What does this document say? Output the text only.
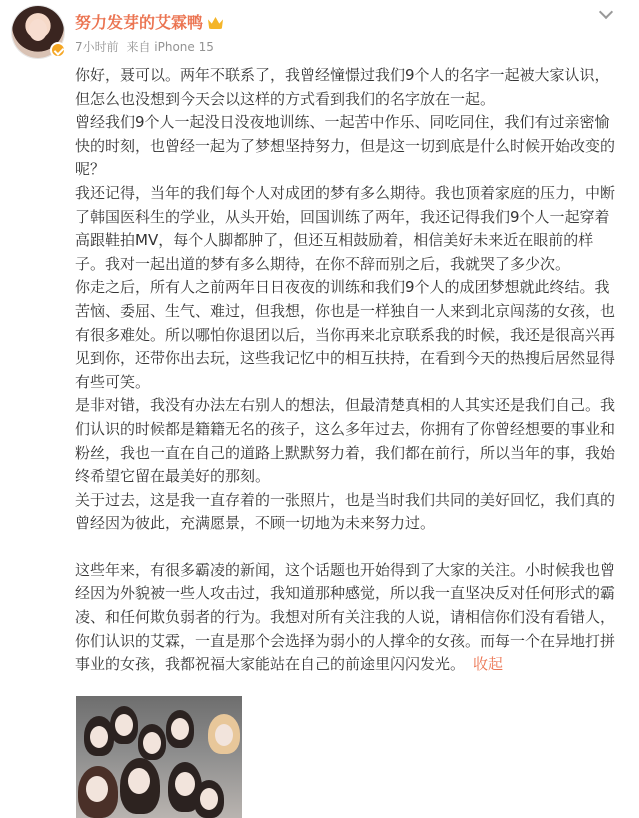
努力发芽的艾霖鸭
7小时前 来自 iPhone 15

你好，聂可以。两年不联系了，我曾经憧憬过我们9个人的名字一起被大家认识，但怎么也没想到今天会以这样的方式看到我们的名字放在一起。

曾经我们9个人一起没日没夜地训练、一起苦中作乐、同吃同住，我们有过亲密愉快的时刻，也曾经一起为了梦想坚持努力，但是这一切到底是什么时候开始改变的呢？

我还记得，当年的我们每个人对成团的梦有多么期待。我也顶着家庭的压力，中断了韩国医科生的学业，从头开始，回国训练了两年，我还记得我们9个人一起穿着高跟鞋拍MV，每个人脚都肿了，但还互相鼓励着，相信美好未来近在眼前的样子。我对一起出道的梦有多么期待，在你不辞而别之后，我就哭了多少次。

你走之后，所有人之前两年日日夜夜的训练和我们9个人的成团梦想就此终结。我苦恼、委屈、生气、难过，但我想，你也是一样独自一人来到北京闯荡的女孩，也有很多难处。所以哪怕你退团以后，当你再来北京联系我的时候，我还是很高兴再见到你，还带你出去玩，这些我记忆中的相互扶持，在看到今天的热搜后居然显得有些可笑。

是非对错，我没有办法左右别人的想法，但最清楚真相的人其实还是我们自己。我们认识的时候都是籍籍无名的孩子，这么多年过去，你拥有了你曾经想要的事业和粉丝，我也一直在自己的道路上默默努力着，我们都在前行，所以当年的事，我始终希望它留在最美好的那刻。

关于过去，这是我一直存着的一张照片，也是当时我们共同的美好回忆，我们真的曾经因为彼此，充满愿景，不顾一切地为未来努力过。

这些年来，有很多霸凌的新闻，这个话题也开始得到了大家的关注。小时候我也曾经因为外貌被一些人攻击过，我知道那种感觉，所以我一直坚决反对任何形式的霸凌、和任何欺负弱者的行为。我想对所有关注我的人说，请相信你们没有看错人，你们认识的艾霖，一直是那个会选择为弱小的人撑伞的女孩。而每一个在异地打拼事业的女孩，我都祝福大家能站在自己的前途里闪闪发光。 收起
